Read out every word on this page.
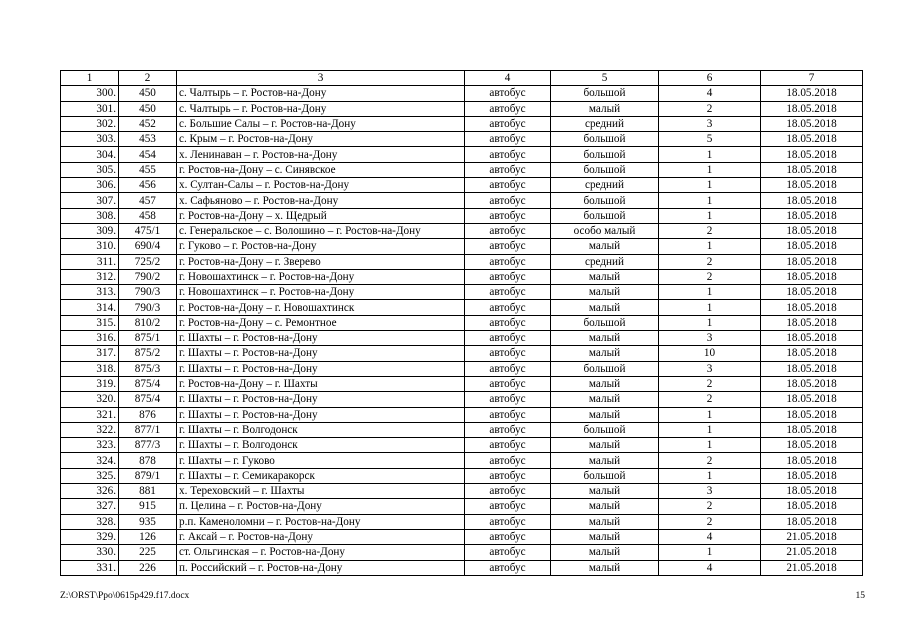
1	2	3	4	5	6	7
300.	450	с. Чалтырь – г. Ростов-на-Дону	автобус	большой	4	18.05.2018
301.	450	с. Чалтырь – г. Ростов-на-Дону	автобус	малый	2	18.05.2018
302.	452	с. Большие Салы – г. Ростов-на-Дону	автобус	средний	3	18.05.2018
303.	453	с. Крым – г. Ростов-на-Дону	автобус	большой	5	18.05.2018
304.	454	х. Ленинаван – г. Ростов-на-Дону	автобус	большой	1	18.05.2018
305.	455	г. Ростов-на-Дону – с. Синявское	автобус	большой	1	18.05.2018
306.	456	х. Султан-Салы – г. Ростов-на-Дону	автобус	средний	1	18.05.2018
307.	457	х. Сафьяново – г. Ростов-на-Дону	автобус	большой	1	18.05.2018
308.	458	г. Ростов-на-Дону – х. Щедрый	автобус	большой	1	18.05.2018
309.	475/1	с. Генеральское – с. Волошино – г. Ростов-на-Дону	автобус	особо малый	2	18.05.2018
310.	690/4	г. Гуково – г. Ростов-на-Дону	автобус	малый	1	18.05.2018
311.	725/2	г. Ростов-на-Дону – г. Зверево	автобус	средний	2	18.05.2018
312.	790/2	г. Новошахтинск – г. Ростов-на-Дону	автобус	малый	2	18.05.2018
313.	790/3	г. Новошахтинск – г. Ростов-на-Дону	автобус	малый	1	18.05.2018
314.	790/3	г. Ростов-на-Дону – г. Новошахтинск	автобус	малый	1	18.05.2018
315.	810/2	г. Ростов-на-Дону – с. Ремонтное	автобус	большой	1	18.05.2018
316.	875/1	г. Шахты – г. Ростов-на-Дону	автобус	малый	3	18.05.2018
317.	875/2	г. Шахты – г. Ростов-на-Дону	автобус	малый	10	18.05.2018
318.	875/3	г. Шахты – г. Ростов-на-Дону	автобус	большой	3	18.05.2018
319.	875/4	г. Ростов-на-Дону – г. Шахты	автобус	малый	2	18.05.2018
320.	875/4	г. Шахты – г. Ростов-на-Дону	автобус	малый	2	18.05.2018
321.	876	г. Шахты – г. Ростов-на-Дону	автобус	малый	1	18.05.2018
322.	877/1	г. Шахты – г. Волгодонск	автобус	большой	1	18.05.2018
323.	877/3	г. Шахты – г. Волгодонск	автобус	малый	1	18.05.2018
324.	878	г. Шахты – г. Гуково	автобус	малый	2	18.05.2018
325.	879/1	г. Шахты – г. Семикаракорск	автобус	большой	1	18.05.2018
326.	881	х. Тереховский – г. Шахты	автобус	малый	3	18.05.2018
327.	915	п. Целина – г. Ростов-на-Дону	автобус	малый	2	18.05.2018
328.	935	р.п. Каменоломни – г. Ростов-на-Дону	автобус	малый	2	18.05.2018
329.	126	г. Аксай – г. Ростов-на-Дону	автобус	малый	4	21.05.2018
330.	225	ст. Ольгинская – г. Ростов-на-Дону	автобус	малый	1	21.05.2018
331.	226	п. Российский – г. Ростов-на-Дону	автобус	малый	4	21.05.2018
Z:\ORST\Ppo\0615p429.f17.docx	15
